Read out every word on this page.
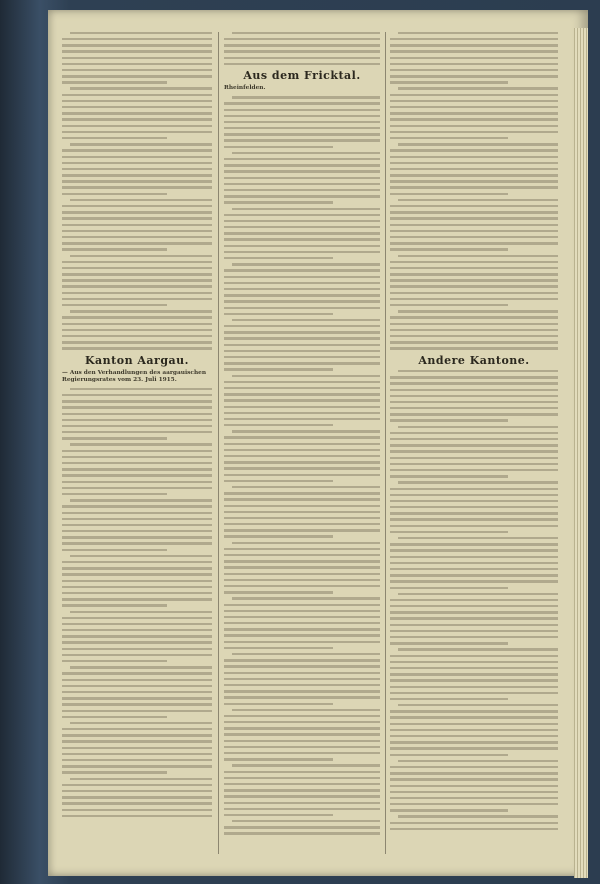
Kanton Aargau.
— Aus den Verhandlungen des aargauischen Regierungsrates vom 23. Juli 1915.
Aus dem Fricktal.
Rheinfelden.
Andere Kantone.
